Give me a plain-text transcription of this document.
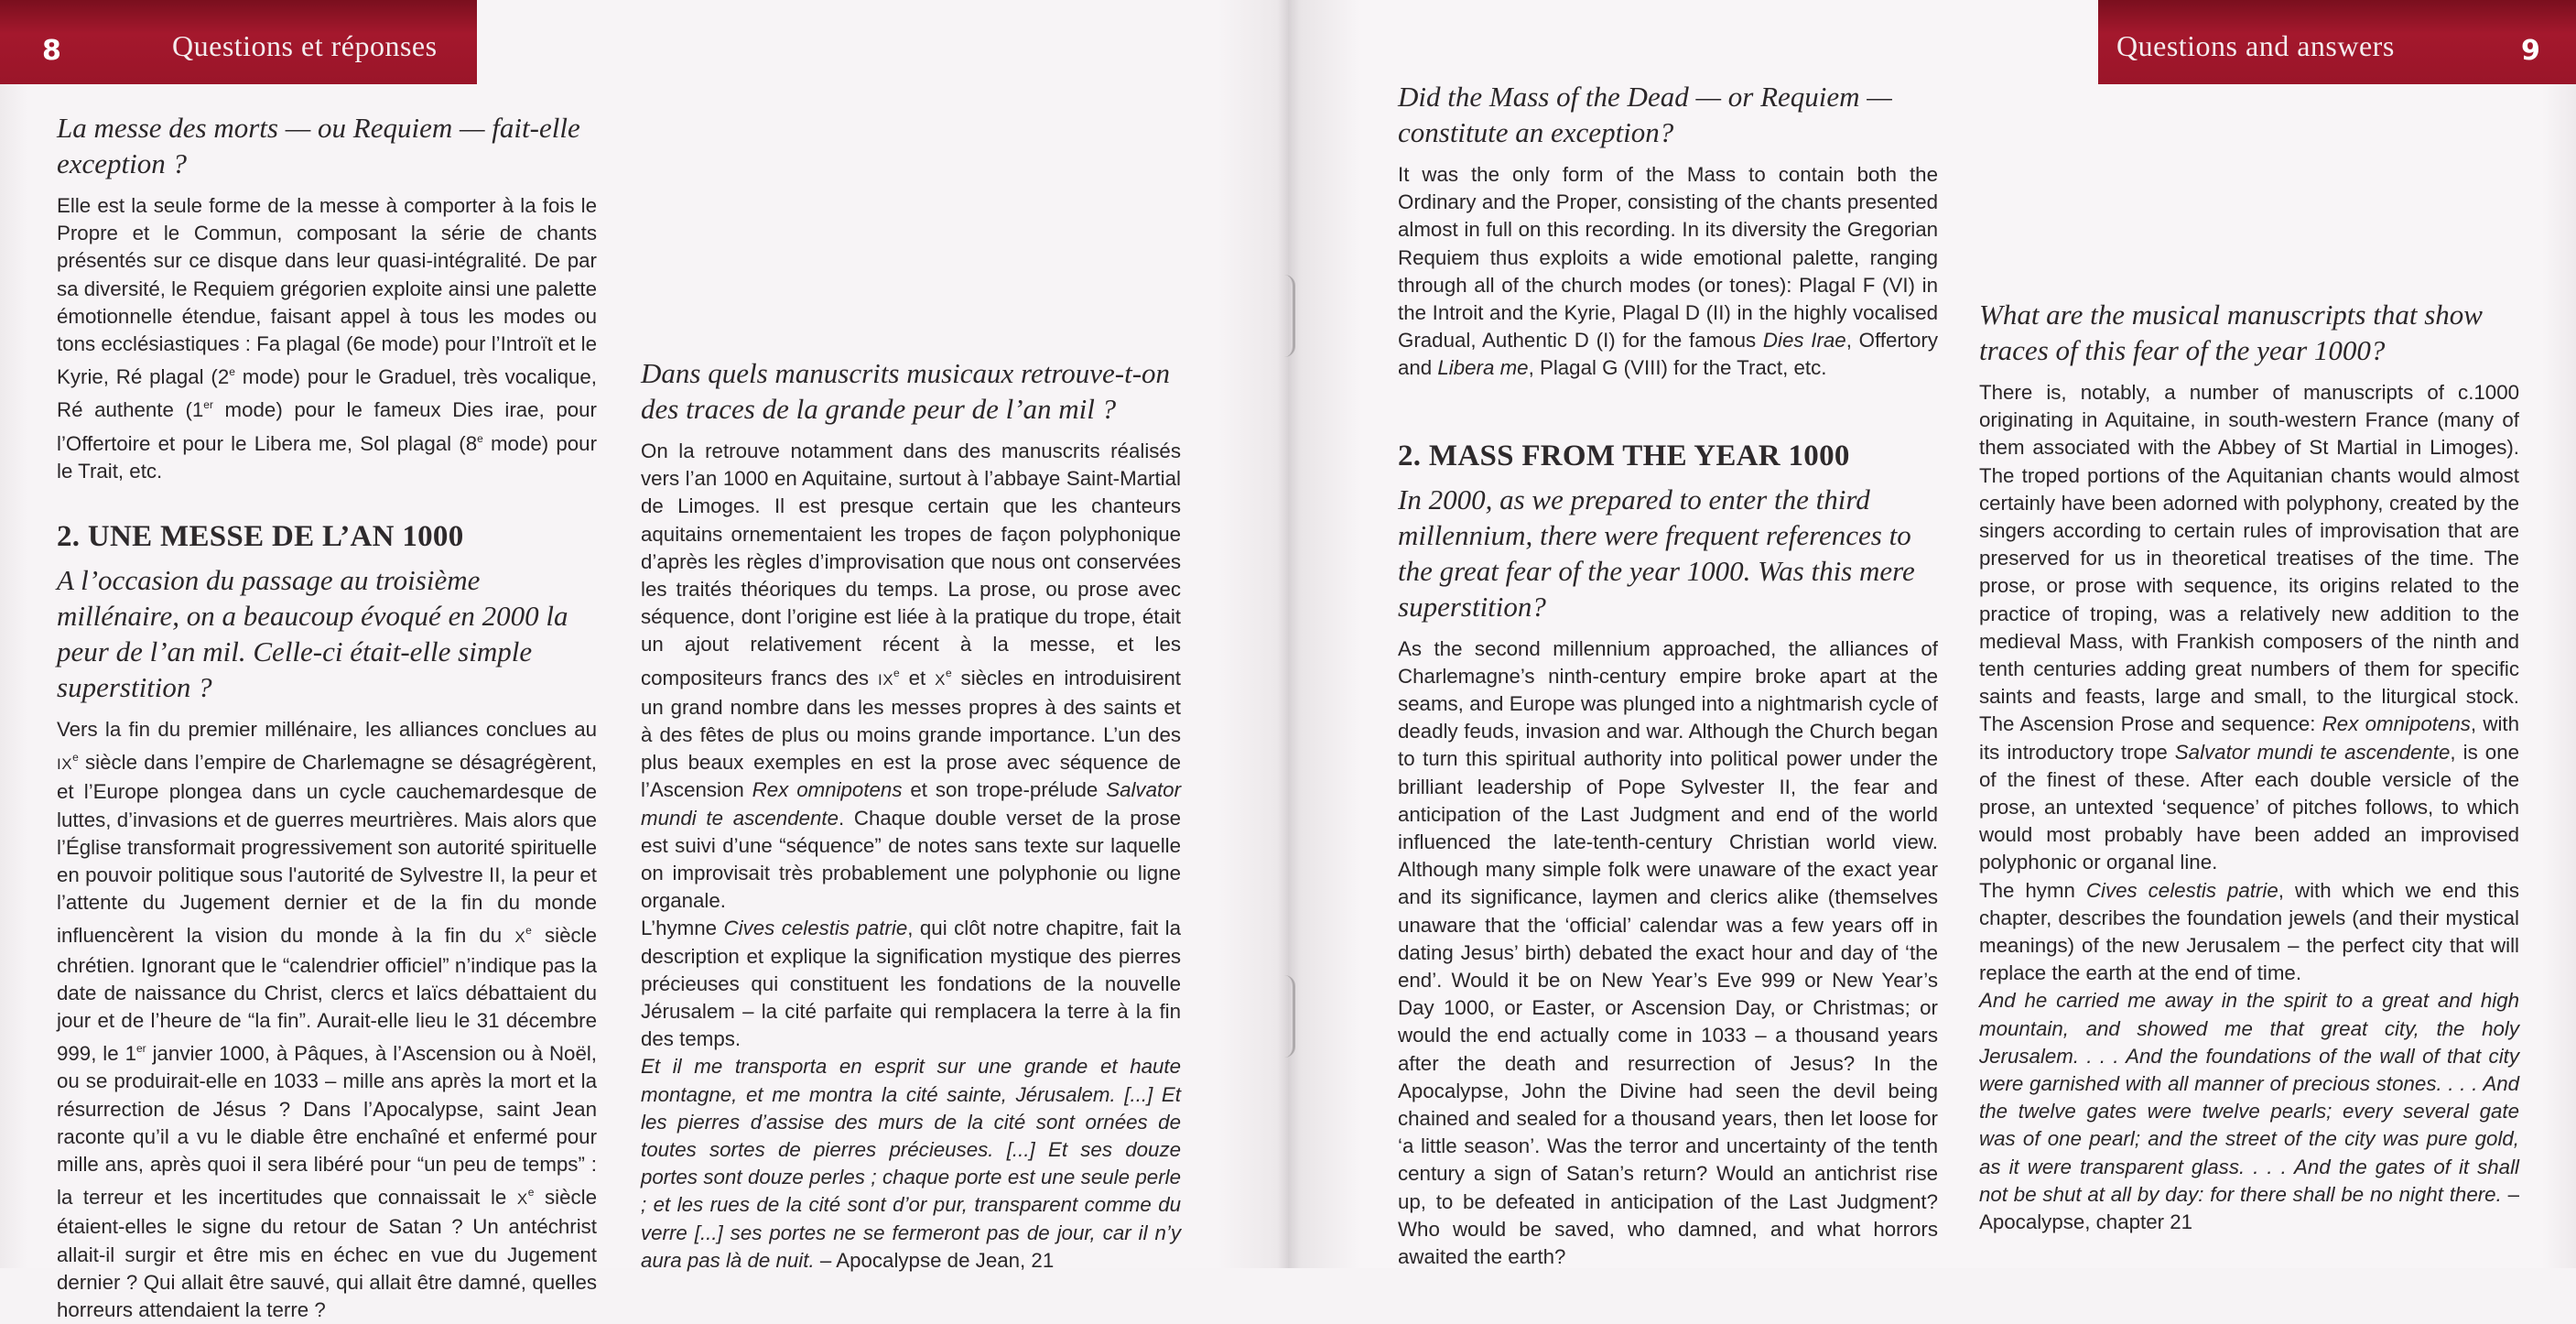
8	Questions et réponses	Questions and answers	9
La messe des morts — ou Requiem — fait-elle exception ?

Elle est la seule forme de la messe à comporter à la fois le Propre et le Commun, composant la série de chants présentés sur ce disque dans leur quasi-intégralité. De par sa diversité, le Requiem grégorien exploite ainsi une palette émotionnelle étendue, faisant appel à tous les modes ou tons ecclésiastiques : Fa plagal (6e mode) pour l’Introït et le Kyrie, Ré plagal (2e mode) pour le Graduel, très vocalique, Ré authente (1er mode) pour le fameux Dies irae, pour l’Offertoire et pour le Libera me, Sol plagal (8e mode) pour le Trait, etc.

2. UNE MESSE DE L’AN 1000
A l’occasion du passage au troisième millénaire, on a beaucoup évoqué en 2000 la peur de l’an mil. Celle-ci était-elle simple superstition ?

Vers la fin du premier millénaire, les alliances conclues au IXe siècle dans l’empire de Charlemagne se désagrégèrent, et l’Europe plongea dans un cycle cauchemardesque de luttes, d’invasions et de guerres meurtrières. Mais alors que l’Église transformait progressivement son autorité spirituelle en pouvoir politique sous l'autorité de Sylvestre II, la peur et l’attente du Jugement dernier et de la fin du monde influencèrent la vision du monde à la fin du Xe siècle chrétien. Ignorant que le “calendrier officiel” n’indique pas la date de naissance du Christ, clercs et laïcs débattaient du jour et de l’heure de “la fin”. Aurait-elle lieu le 31 décembre 999, le 1er janvier 1000, à Pâques, à l’Ascension ou à Noël, ou se produirait-elle en 1033 – mille ans après la mort et la résurrection de Jésus ? Dans l’Apocalypse, saint Jean raconte qu’il a vu le diable être enchaîné et enfermé pour mille ans, après quoi il sera libéré pour “un peu de temps” : la terreur et les incertitudes que connaissait le Xe siècle étaient-elles le signe du retour de Satan ? Un antéchrist allait-il surgir et être mis en échec en vue du Jugement dernier ? Qui allait être sauvé, qui allait être damné, quelles horreurs attendaient la terre ?

Dans quels manuscrits musicaux retrouve-t-on des traces de la grande peur de l’an mil ?

On la retrouve notamment dans des manuscrits réalisés vers l’an 1000 en Aquitaine, surtout à l’abbaye Saint-Martial de Limoges. Il est presque certain que les chanteurs aquitains ornementaient les tropes de façon polyphonique d’après les règles d’improvisation que nous ont conservées les traités théoriques du temps. La prose, ou prose avec séquence, dont l’origine est liée à la pratique du trope, était un ajout relativement récent à la messe, et les compositeurs francs des IXe et Xe siècles en introduisirent un grand nombre dans les messes propres à des saints et à des fêtes de plus ou moins grande importance. L’un des plus beaux exemples en est la prose avec séquence de l’Ascension Rex omnipotens et son trope-prélude Salvator mundi te ascendente. Chaque double verset de la prose est suivi d’une “séquence” de notes sans texte sur laquelle on improvisait très probablement une polyphonie ou ligne organale.

L’hymne Cives celestis patrie, qui clôt notre chapitre, fait la description et explique la signification mystique des pierres précieuses qui constituent les fondations de la nouvelle Jérusalem – la cité parfaite qui remplacera la terre à la fin des temps.

Et il me transporta en esprit sur une grande et haute montagne, et me montra la cité sainte, Jérusalem. [...] Et les pierres d’assise des murs de la cité sont ornées de toutes sortes de pierres précieuses. [...] Et ses douze portes sont douze perles ; chaque porte est une seule perle ; et les rues de la cité sont d’or pur, transparent comme du verre [...] ses portes ne se fermeront pas de jour, car il n’y aura pas là de nuit. – Apocalypse de Jean, 21

Did the Mass of the Dead — or Requiem — constitute an exception?

It was the only form of the Mass to contain both the Ordinary and the Proper, consisting of the chants presented almost in full on this recording. In its diversity the Gregorian Requiem thus exploits a wide emotional palette, ranging through all of the church modes (or tones): Plagal F (VI) in the Introit and the Kyrie, Plagal D (II) in the highly vocalised Gradual, Authentic D (I) for the famous Dies Irae, Offertory and Libera me, Plagal G (VIII) for the Tract, etc.

2. MASS FROM THE YEAR 1000
In 2000, as we prepared to enter the third millennium, there were frequent references to the great fear of the year 1000. Was this mere superstition?

As the second millennium approached, the alliances of Charlemagne’s ninth-century empire broke apart at the seams, and Europe was plunged into a nightmarish cycle of deadly feuds, invasion and war. Although the Church began to turn this spiritual authority into political power under the brilliant leadership of Pope Sylvester II, the fear and anticipation of the Last Judgment and end of the world influenced the late-tenth-century Christian world view. Although many simple folk were unaware of the exact year and its significance, laymen and clerics alike (themselves unaware that the ‘official’ calendar was a few years off in dating Jesus’ birth) debated the exact hour and day of ‘the end’. Would it be on New Year’s Eve 999 or New Year’s Day 1000, or Easter, or Ascension Day, or Christmas; or would the end actually come in 1033 – a thousand years after the death and resurrection of Jesus? In the Apocalypse, John the Divine had seen the devil being chained and sealed for a thousand years, then let loose for ‘a little season’. Was the terror and uncertainty of the tenth century a sign of Satan’s return? Would an antichrist rise up, to be defeated in anticipation of the Last Judgment? Who would be saved, who damned, and what horrors awaited the earth?

What are the musical manuscripts that show traces of this fear of the year 1000?

There is, notably, a number of manuscripts of c.1000 originating in Aquitaine, in south-western France (many of them associated with the Abbey of St Martial in Limoges). The troped portions of the Aquitanian chants would almost certainly have been adorned with polyphony, created by the singers according to certain rules of improvisation that are preserved for us in theoretical treatises of the time. The prose, or prose with sequence, its origins related to the practice of troping, was a relatively new addition to the medieval Mass, with Frankish composers of the ninth and tenth centuries adding great numbers of them for specific saints and feasts, large and small, to the liturgical stock. The Ascension Prose and sequence: Rex omnipotens, with its introductory trope Salvator mundi te ascendente, is one of the finest of these. After each double versicle of the prose, an untexted ‘sequence’ of pitches follows, to which would most probably have been added an improvised polyphonic or organal line.

The hymn Cives celestis patrie, with which we end this chapter, describes the foundation jewels (and their mystical meanings) of the new Jerusalem – the perfect city that will replace the earth at the end of time.

And he carried me away in the spirit to a great and high mountain, and showed me that great city, the holy Jerusalem. . . . And the foundations of the wall of that city were garnished with all manner of precious stones. . . . And the twelve gates were twelve pearls; every several gate was of one pearl; and the street of the city was pure gold, as it were transparent glass. . . . And the gates of it shall not be shut at all by day: for there shall be no night there. – Apocalypse, chapter 21
